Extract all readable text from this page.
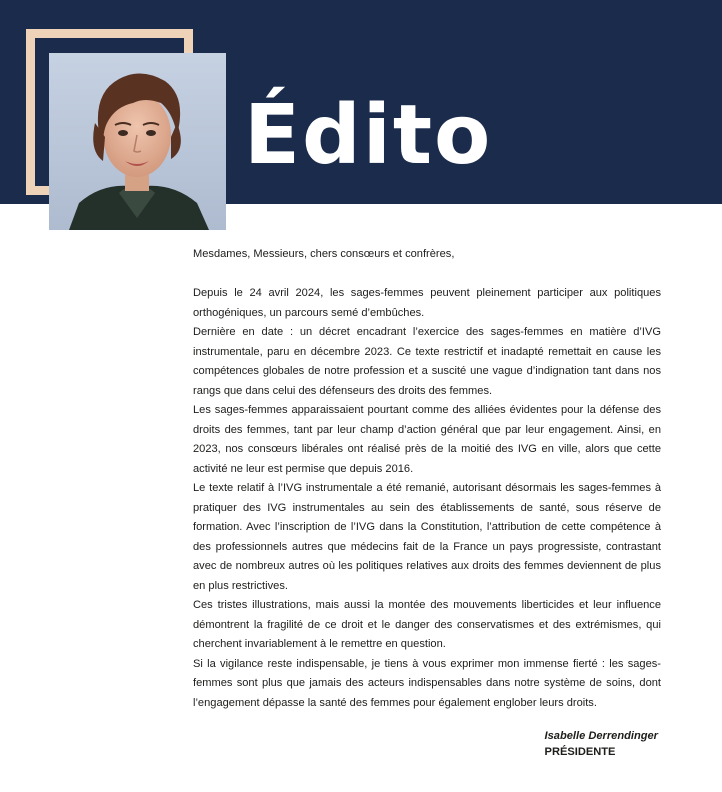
Édito

Mesdames, Messieurs, chers consœurs et confrères,

Depuis le 24 avril 2024, les sages-femmes peuvent pleinement participer aux politiques orthogéniques, un parcours semé d’embûches.

Dernière en date : un décret encadrant l’exercice des sages-femmes en matière d’IVG instrumentale, paru en décembre 2023. Ce texte restrictif et inadapté remettait en cause les compétences globales de notre profession et a suscité une vague d’indignation tant dans nos rangs que dans celui des défenseurs des droits des femmes.

Les sages-femmes apparaissaient pourtant comme des alliées évidentes pour la défense des droits des femmes, tant par leur champ d’action général que par leur engagement. Ainsi, en 2023, nos consœurs libérales ont réalisé près de la moitié des IVG en ville, alors que cette activité ne leur est permise que depuis 2016.

Le texte relatif à l’IVG instrumentale a été remanié, autorisant désormais les sages-femmes à pratiquer des IVG instrumentales au sein des établissements de santé, sous réserve de formation. Avec l’inscription de l’IVG dans la Constitution, l’attribution de cette compétence à des professionnels autres que médecins fait de la France un pays progressiste, contrastant avec de nombreux autres où les politiques relatives aux droits des femmes deviennent de plus en plus restrictives.

Ces tristes illustrations, mais aussi la montée des mouvements liberticides et leur influence démontrent la fragilité de ce droit et le danger des conservatismes et des extrémismes, qui cherchent invariablement à le remettre en question.

Si la vigilance reste indispensable, je tiens à vous exprimer mon immense fierté : les sages-femmes sont plus que jamais des acteurs indispensables dans notre système de soins, dont l’engagement dépasse la santé des femmes pour également englober leurs droits.

Isabelle Derrendinger
PRÉSIDENTE
